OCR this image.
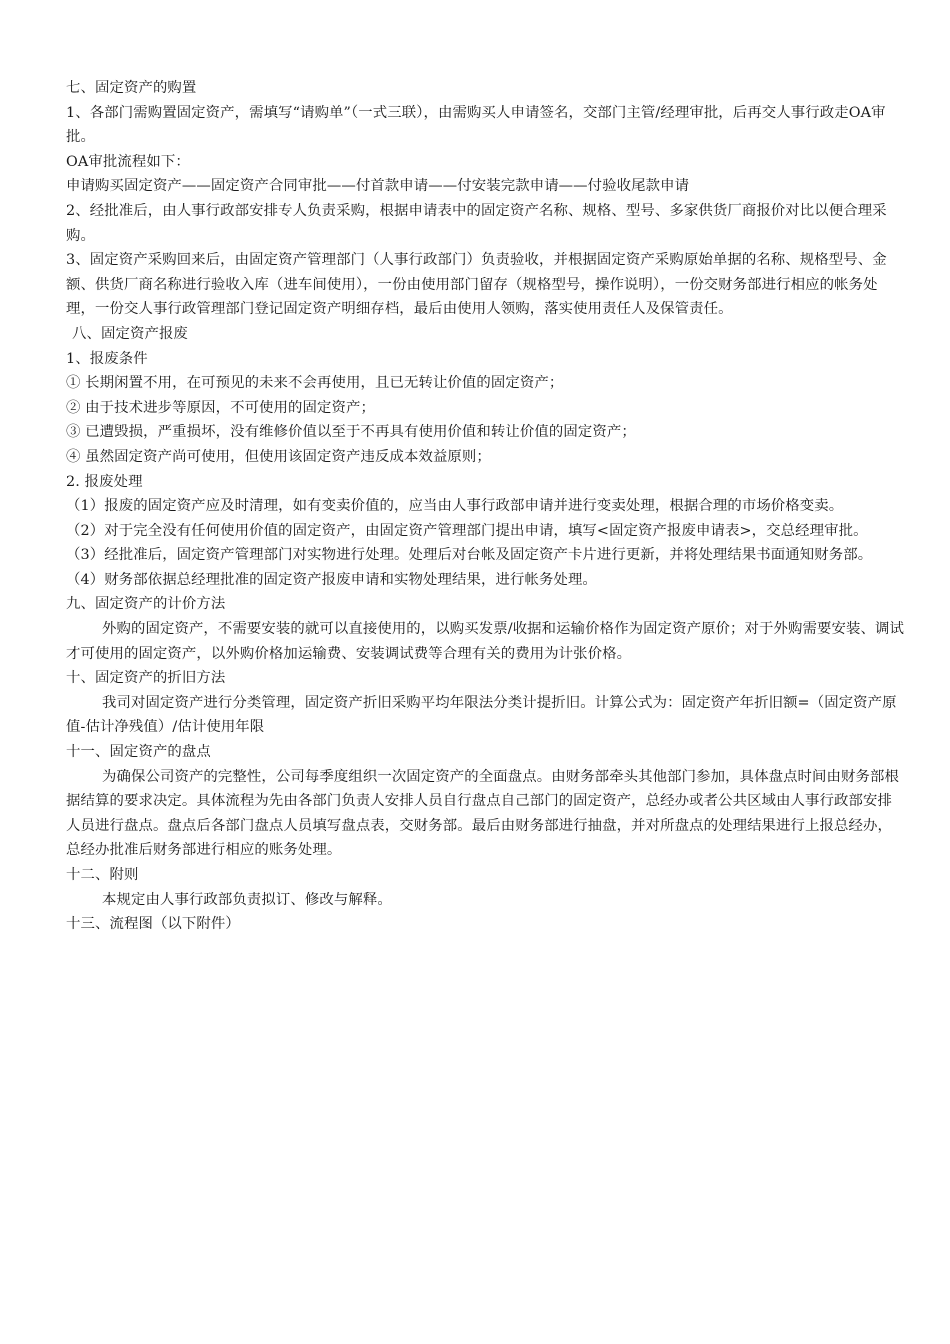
七、固定资产的购置

1、各部门需购置固定资产，需填写“请购单”（一式三联），由需购买人申请签名，交部门主管/经理审批，后再交人事行政走OA审批。

OA审批流程如下：

申请购买固定资产——固定资产合同审批——付首款申请——付安装完款申请——付验收尾款申请

2、经批准后，由人事行政部安排专人负责采购，根据申请表中的固定资产名称、规格、型号、多家供货厂商报价对比以便合理采购。

3、固定资产采购回来后，由固定资产管理部门（人事行政部门）负责验收，并根据固定资产采购原始单据的名称、规格型号、金额、供货厂商名称进行验收入库（进车间使用），一份由使用部门留存（规格型号，操作说明），一份交财务部进行相应的帐务处理，一份交人事行政管理部门登记固定资产明细存档，最后由使用人领购，落实使用责任人及保管责任。

八、固定资产报废

1、报废条件

① 长期闲置不用，在可预见的未来不会再使用，且已无转让价值的固定资产；

② 由于技术进步等原因，不可使用的固定资产；

③ 已遭毁损，严重损坏，没有维修价值以至于不再具有使用价值和转让价值的固定资产；

④ 虽然固定资产尚可使用，但使用该固定资产违反成本效益原则；

2. 报废处理

（1）报废的固定资产应及时清理，如有变卖价值的，应当由人事行政部申请并进行变卖处理，根据合理的市场价格变卖。

（2）对于完全没有任何使用价值的固定资产，由固定资产管理部门提出申请，填写<固定资产报废申请表>，交总经理审批。

（3）经批准后，固定资产管理部门对实物进行处理。处理后对台帐及固定资产卡片进行更新，并将处理结果书面通知财务部。

（4）财务部依据总经理批准的固定资产报废申请和实物处理结果，进行帐务处理。

九、固定资产的计价方法

外购的固定资产，不需要安装的就可以直接使用的，以购买发票/收据和运输价格作为固定资产原价；对于外购需要安装、调试才可使用的固定资产，以外购价格加运输费、安装调试费等合理有关的费用为计张价格。

十、固定资产的折旧方法

我司对固定资产进行分类管理，固定资产折旧采购平均年限法分类计提折旧。计算公式为：固定资产年折旧额=（固定资产原值-估计净残值）/估计使用年限

十一、固定资产的盘点

为确保公司资产的完整性，公司每季度组织一次固定资产的全面盘点。由财务部牵头其他部门参加，具体盘点时间由财务部根据结算的要求决定。具体流程为先由各部门负责人安排人员自行盘点自己部门的固定资产，总经办或者公共区域由人事行政部安排人员进行盘点。盘点后各部门盘点人员填写盘点表，交财务部。最后由财务部进行抽盘，并对所盘点的处理结果进行上报总经办，总经办批准后财务部进行相应的账务处理。

十二、附则

本规定由人事行政部负责拟订、修改与解释。

十三、流程图（以下附件）
